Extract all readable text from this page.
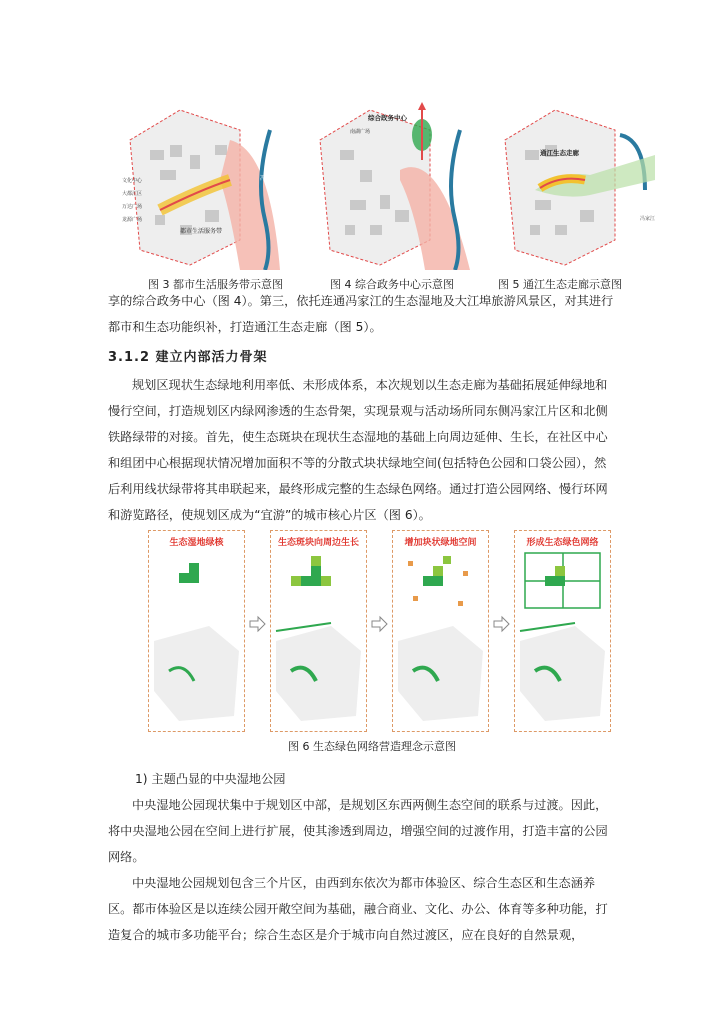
文化中心
大都汇区
万达广场
龙源广场
都市生活服务带
冯家江
综合政务中心
南湖广场
通江生态走廊
冯家江
图 3 都市生活服务带示意图	图 4 综合政务中心示意图	图 5 通江生态走廊示意图
享的综合政务中心（图 4）。第三，依托连通冯家江的生态湿地及大江埠旅游风景区，对其进行都市和生态功能织补，打造通江生态走廊（图 5）。
3.1.2 建立内部活力骨架
规划区现状生态绿地利用率低、未形成体系，本次规划以生态走廊为基础拓展延伸绿地和慢行空间，打造规划区内绿网渗透的生态骨架，实现景观与活动场所同东侧冯家江片区和北侧铁路绿带的对接。首先，使生态斑块在现状生态湿地的基础上向周边延伸、生长，在社区中心和组团中心根据现状情况增加面积不等的分散式块状绿地空间(包括特色公园和口袋公园），然后利用线状绿带将其串联起来，最终形成完整的生态绿色网络。通过打造公园网络、慢行环网和游览路径，使规划区成为“宜游”的城市核心片区（图 6）。
生态湿地绿核	生态斑块向周边生长	增加块状绿地空间	形成生态绿色网络
图 6 生态绿色网络营造理念示意图
1) 主题凸显的中央湿地公园
中央湿地公园现状集中于规划区中部，是规划区东西两侧生态空间的联系与过渡。因此，将中央湿地公园在空间上进行扩展，使其渗透到周边，增强空间的过渡作用，打造丰富的公园网络。
中央湿地公园规划包含三个片区，由西到东依次为都市体验区、综合生态区和生态涵养区。都市体验区是以连续公园开敞空间为基础，融合商业、文化、办公、体育等多种功能，打造复合的城市多功能平台；综合生态区是介于城市向自然过渡区，应在良好的自然景观，
